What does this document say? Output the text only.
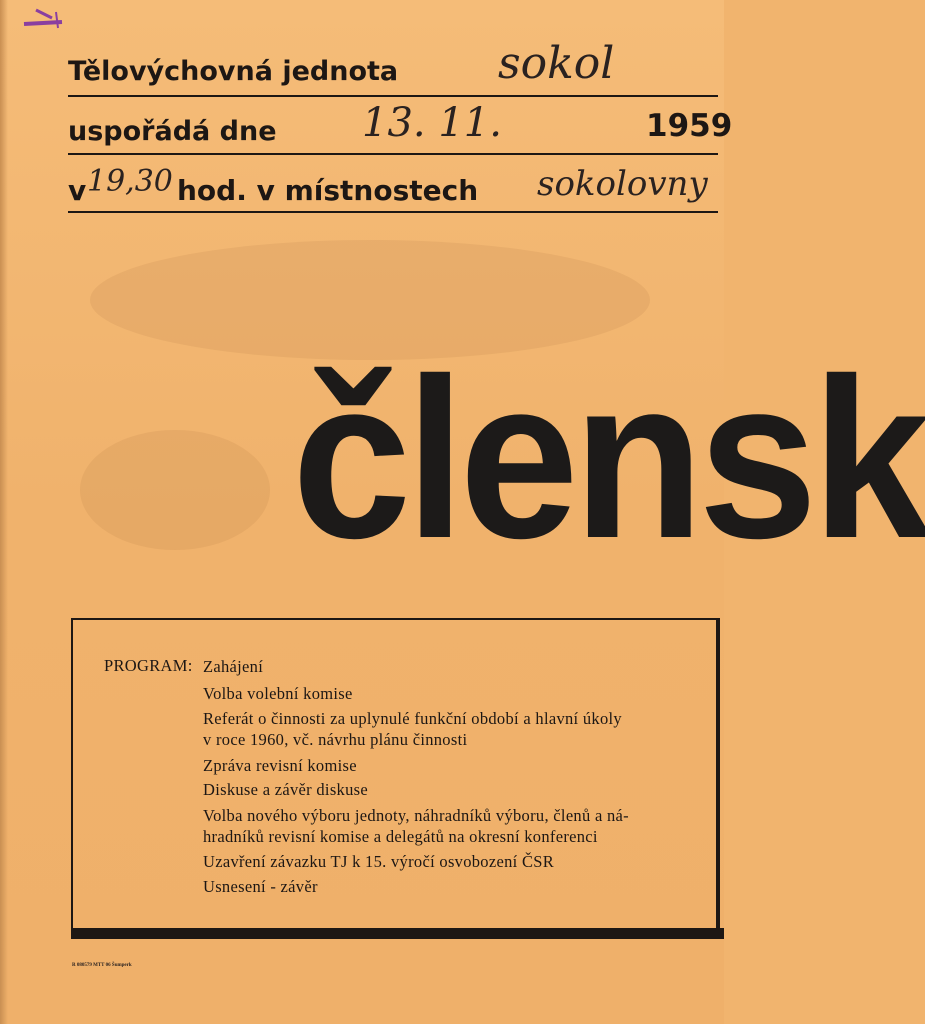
Tělovýchovná jednota sokol
uspořádá dne 13. 11.	1959
v 19,30 hod. v místnostech sokolovny
člensk
PROGRAM: Zahájení
Volba volební komise
Referát o činnosti za uplynulé funkční období a hlavní úkoly
v roce 1960, vč. návrhu plánu činnosti
Zpráva revisní komise
Diskuse a závěr diskuse
Volba nového výboru jednoty, náhradníků výboru, členů a ná-
hradníků revisní komise a delegátů na okresní konferenci
Uzavření závazku TJ k 15. výročí osvobození ČSR
Usnesení - závěr
R 080579 MTT 06 Šumperk
